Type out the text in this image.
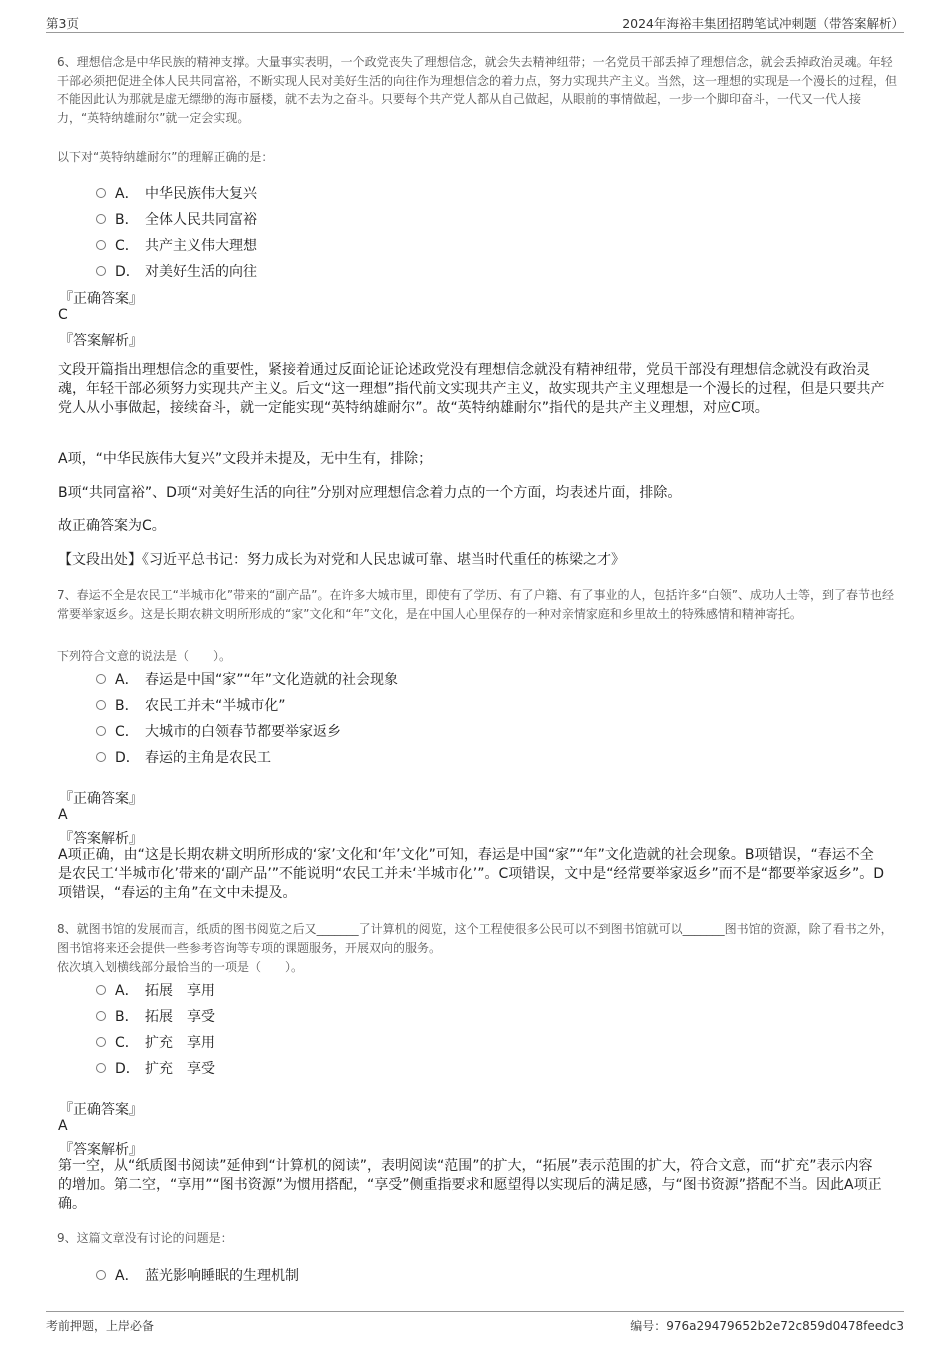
第3页	2024年海裕丰集团招聘笔试冲刺题（带答案解析）

6、理想信念是中华民族的精神支撑。大量事实表明，一个政党丧失了理想信念，就会失去精神纽带；一名党员干部丢掉了理想信念，就会丢掉政治灵魂。年轻干部必须把促进全体人民共同富裕，不断实现人民对美好生活的向往作为理想信念的着力点，努力实现共产主义。当然，这一理想的实现是一个漫长的过程，但不能因此认为那就是虚无缥缈的海市蜃楼，就不去为之奋斗。只要每个共产党人都从自己做起，从眼前的事情做起，一步一个脚印奋斗，一代又一代人接力，“英特纳雄耐尔”就一定会实现。

以下对“英特纳雄耐尔”的理解正确的是：
A． 中华民族伟大复兴
B． 全体人民共同富裕
C． 共产主义伟大理想
D． 对美好生活的向往
『正确答案』
C
『答案解析』

文段开篇指出理想信念的重要性，紧接着通过反面论证论述政党没有理想信念就没有精神纽带，党员干部没有理想信念就没有政治灵魂，年轻干部必须努力实现共产主义。后文“这一理想”指代前文实现共产主义，故实现共产主义理想是一个漫长的过程，但是只要共产党人从小事做起，接续奋斗，就一定能实现“英特纳雄耐尔”。故“英特纳雄耐尔”指代的是共产主义理想，对应C项。

A项，“中华民族伟大复兴”文段并未提及，无中生有，排除；

B项“共同富裕”、D项“对美好生活的向往”分别对应理想信念着力点的一个方面，均表述片面，排除。

故正确答案为C。

【文段出处】《习近平总书记：努力成长为对党和人民忠诚可靠、堪当时代重任的栋梁之才》

7、春运不全是农民工“半城市化”带来的“副产品”。在许多大城市里，即使有了学历、有了户籍、有了事业的人，包括许多“白领”、成功人士等，到了春节也经常要举家返乡。这是长期农耕文明所形成的“家”文化和“年”文化，是在中国人心里保存的一种对亲情家庭和乡里故土的特殊感情和精神寄托。

下列符合文意的说法是（　　）。
A． 春运是中国“家”“年”文化造就的社会现象
B． 农民工并未“半城市化”
C． 大城市的白领春节都要举家返乡
D． 春运的主角是农民工
『正确答案』
A
『答案解析』

A项正确，由“这是长期农耕文明所形成的‘家’文化和‘年’文化”可知，春运是中国“家”“年”文化造就的社会现象。B项错误，“春运不全是农民工‘半城市化’带来的‘副产品’”不能说明“农民工并未‘半城市化’”。C项错误，文中是“经常要举家返乡”而不是“都要举家返乡”。D项错误，“春运的主角”在文中未提及。

8、就图书馆的发展而言，纸质的图书阅览之后又_______了计算机的阅览，这个工程使很多公民可以不到图书馆就可以_______图书馆的资源，除了看书之外，图书馆将来还会提供一些参考咨询等专项的课题服务，开展双向的服务。

依次填入划横线部分最恰当的一项是（　　）。
A． 拓展　享用
B． 拓展　享受
C． 扩充　享用
D． 扩充　享受
『正确答案』
A
『答案解析』

第一空，从“纸质图书阅读”延伸到“计算机的阅读”，表明阅读“范围”的扩大，“拓展”表示范围的扩大，符合文意，而“扩充”表示内容的增加。第二空，“享用”“图书资源”为惯用搭配，“享受”侧重指要求和愿望得以实现后的满足感，与“图书资源”搭配不当。因此A项正确。

9、这篇文章没有讨论的问题是：
A． 蓝光影响睡眠的生理机制
考前押题，上岸必备	编号：976a29479652b2e72c859d0478feedc3
